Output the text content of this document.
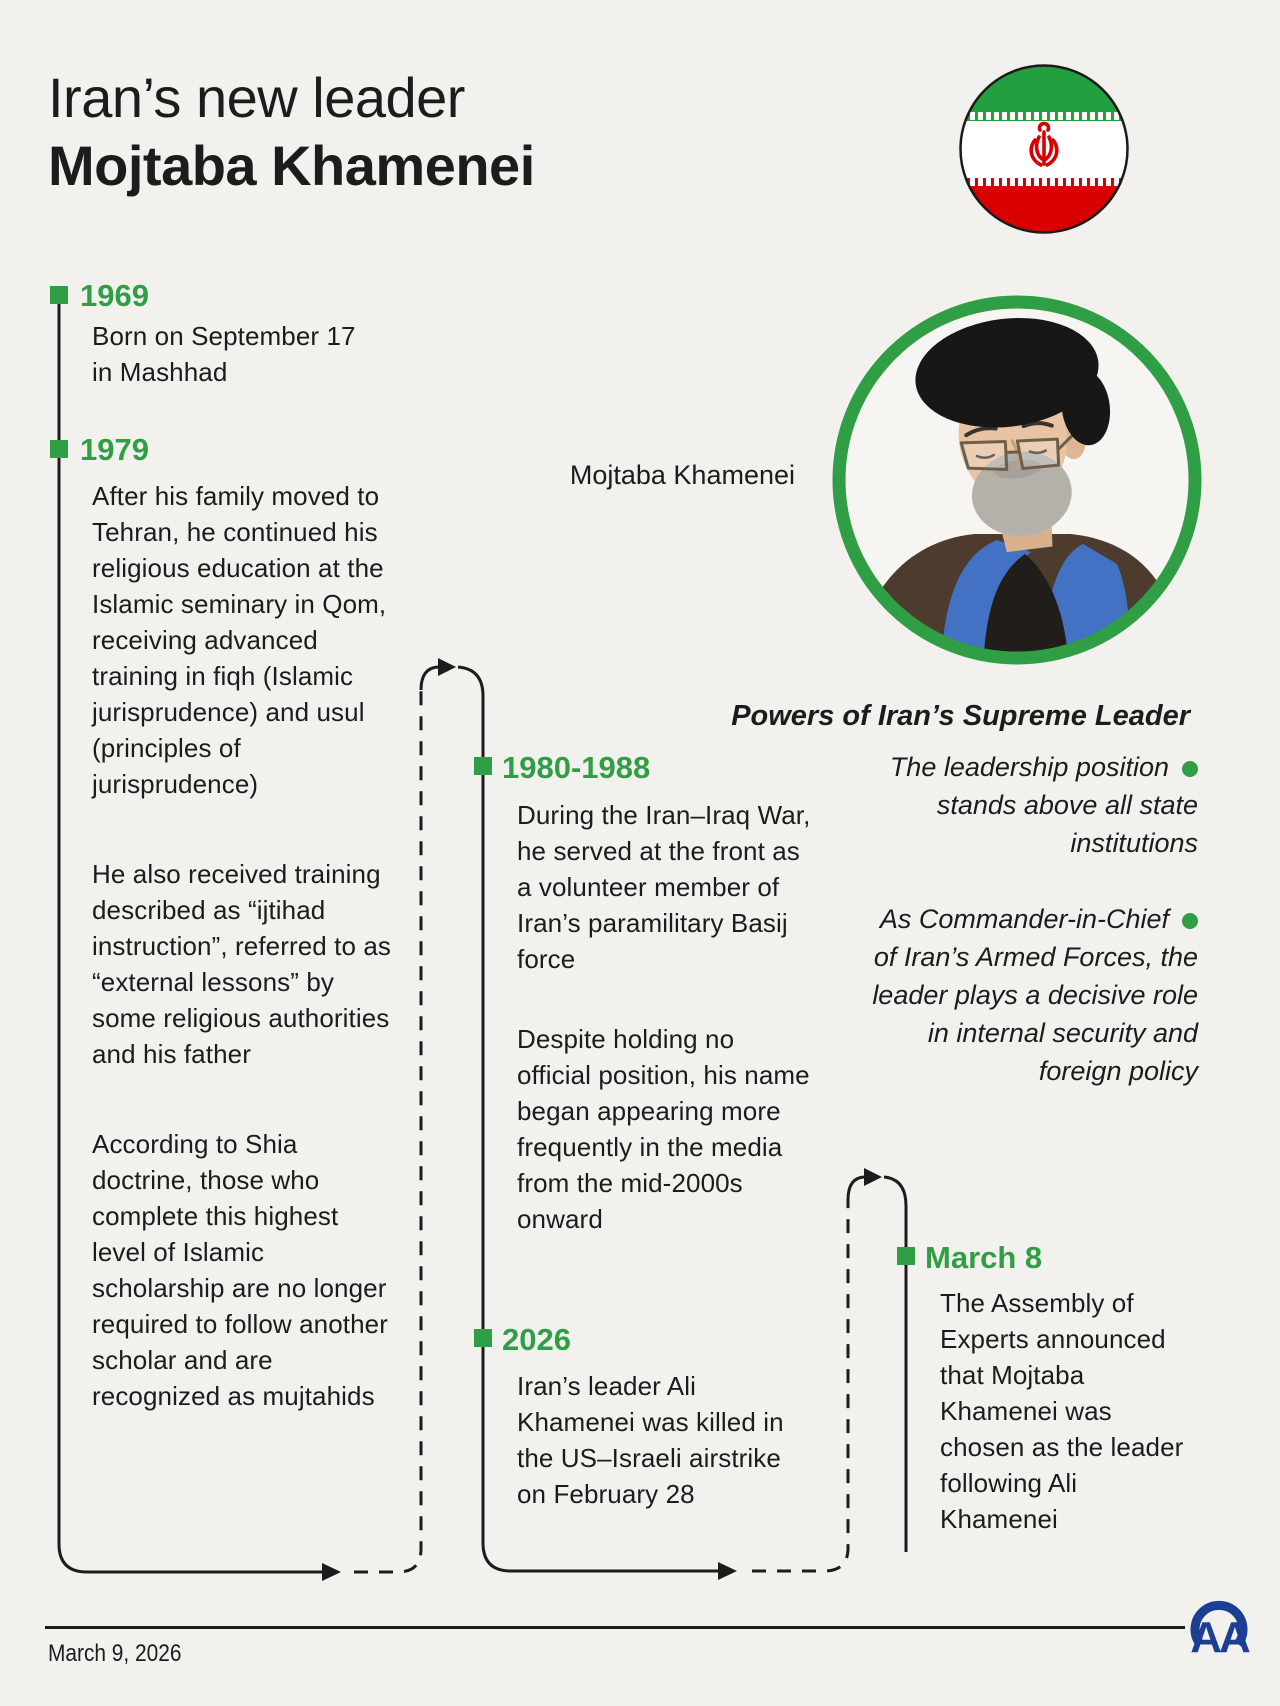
Iran’s new leader
Mojtaba Khamenei
Mojtaba Khamenei
1969

Born on September 17 in Mashhad

1979

After his family moved to Tehran, he continued his religious education at the Islamic seminary in Qom, receiving advanced training in fiqh (Islamic jurisprudence) and usul (principles of jurisprudence)

He also received training described as “ijtihad instruction”, referred to as “external lessons” by some religious authorities and his father

According to Shia doctrine, those who complete this highest level of Islamic scholarship are no longer required to follow another scholar and are recognized as mujtahids

1980-1988

During the Iran–Iraq War, he served at the front as a volunteer member of Iran’s paramilitary Basij force

Despite holding no official position, his name began appearing more frequently in the media from the mid-2000s onward

2026

Iran’s leader Ali Khamenei was killed in the US–Israeli airstrike on February 28

March 8

The Assembly of Experts announced that Mojtaba Khamenei was chosen as the leader following Ali Khamenei

Powers of Iran’s Supreme Leader
The leadership position stands above all state institutions
As Commander-in-Chief of Iran’s Armed Forces, the leader plays a decisive role in internal security and foreign policy
March 9, 2026	AA
